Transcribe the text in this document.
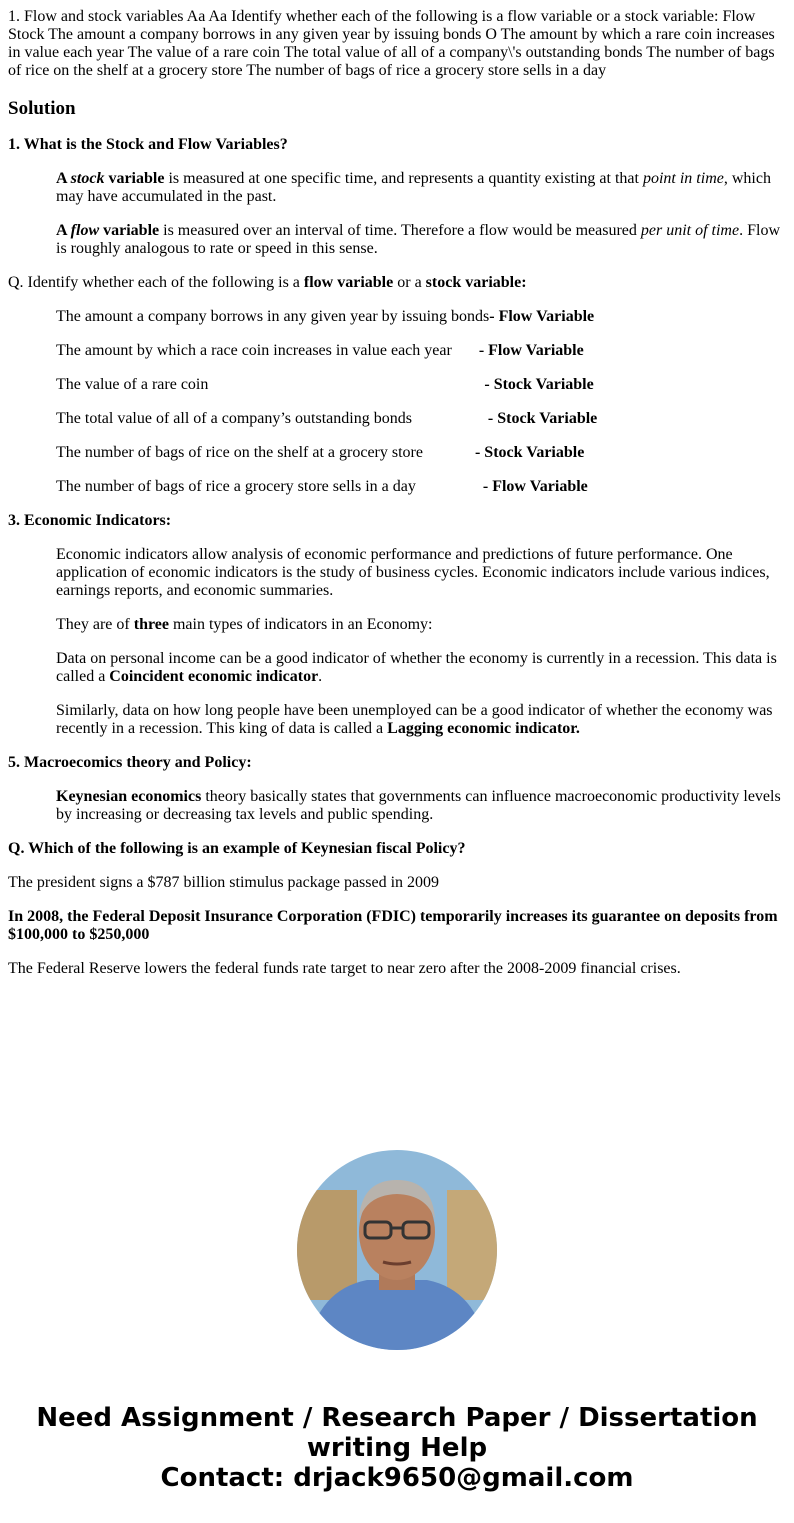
1. Flow and stock variables Aa Aa Identify whether each of the following is a flow variable or a stock variable: Flow Stock The amount a company borrows in any given year by issuing bonds O The amount by which a rare coin increases in value each year The value of a rare coin The total value of all of a company\'s outstanding bonds The number of bags of rice on the shelf at a grocery store The number of bags of rice a grocery store sells in a day

Solution

1. What is the Stock and Flow Variables?

A stock variable is measured at one specific time, and represents a quantity existing at that point in time, which may have accumulated in the past.

A flow variable is measured over an interval of time. Therefore a flow would be measured per unit of time. Flow is roughly analogous to rate or speed in this sense.

Q. Identify whether each of the following is a flow variable or a stock variable:

The amount a company borrows in any given year by issuing bonds- Flow Variable

The amount by which a race coin increases in value each year - Flow Variable

The value of a rare coin	- Stock Variable

The total value of all of a company’s outstanding bonds	- Stock Variable

The number of bags of rice on the shelf at a grocery store	- Stock Variable

The number of bags of rice a grocery store sells in a day	- Flow Variable

3. Economic Indicators:

Economic indicators allow analysis of economic performance and predictions of future performance. One application of economic indicators is the study of business cycles. Economic indicators include various indices, earnings reports, and economic summaries.

They are of three main types of indicators in an Economy:

Data on personal income can be a good indicator of whether the economy is currently in a recession. This data is called a Coincident economic indicator.

Similarly, data on how long people have been unemployed can be a good indicator of whether the economy was recently in a recession. This king of data is called a Lagging economic indicator.

5. Macroecomics theory and Policy:

Keynesian economics theory basically states that governments can influence macroeconomic productivity levels by increasing or decreasing tax levels and public spending.

Q. Which of the following is an example of Keynesian fiscal Policy?

The president signs a $787 billion stimulus package passed in 2009

In 2008, the Federal Deposit Insurance Corporation (FDIC) temporarily increases its guarantee on deposits from $100,000 to $250,000

The Federal Reserve lowers the federal funds rate target to near zero after the 2008-2009 financial crises.

Need Assignment / Research Paper / Dissertation writing Help
Contact: drjack9650@gmail.com
